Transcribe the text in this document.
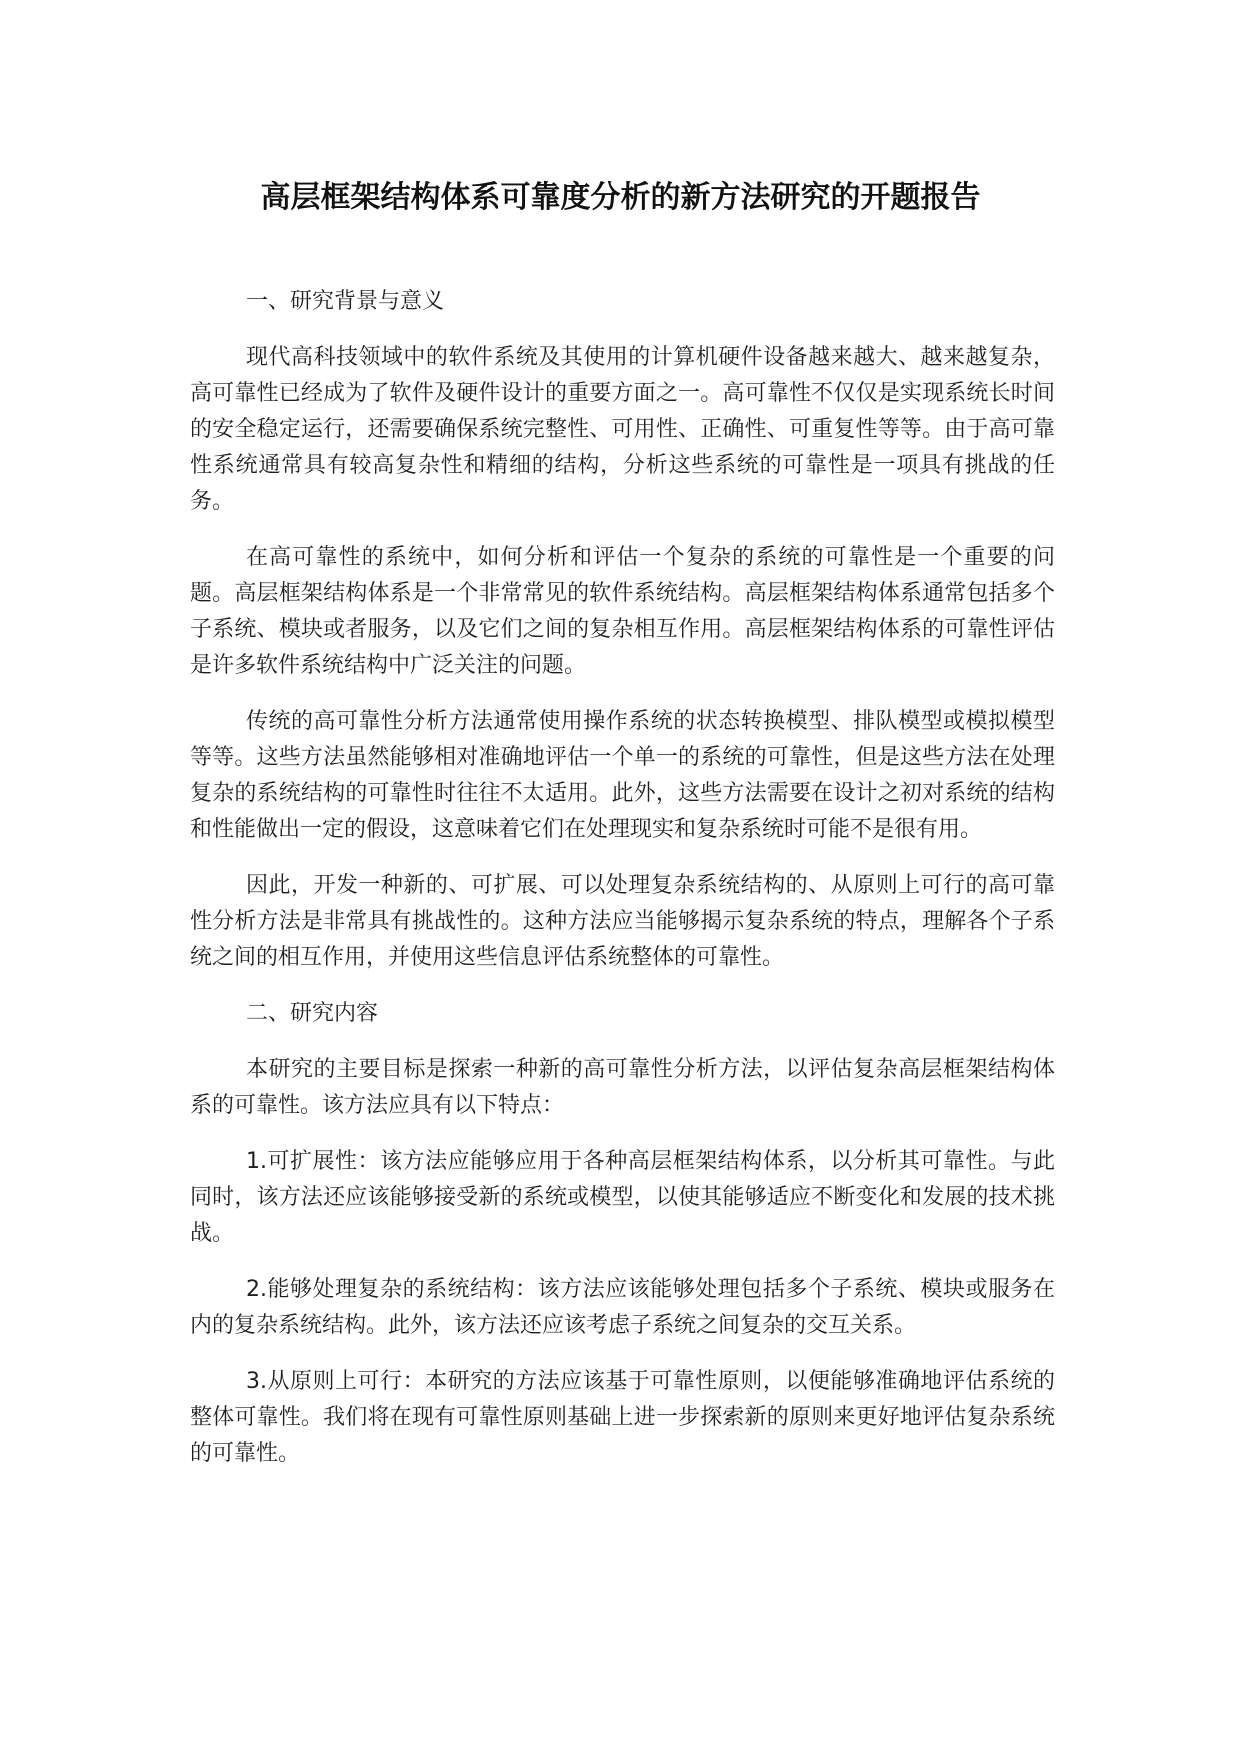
高层框架结构体系可靠度分析的新方法研究的开题报告
一、研究背景与意义

现代高科技领域中的软件系统及其使用的计算机硬件设备越来越大、越来越复杂，高可靠性已经成为了软件及硬件设计的重要方面之一。高可靠性不仅仅是实现系统长时间的安全稳定运行，还需要确保系统完整性、可用性、正确性、可重复性等等。由于高可靠性系统通常具有较高复杂性和精细的结构，分析这些系统的可靠性是一项具有挑战的任务。

在高可靠性的系统中，如何分析和评估一个复杂的系统的可靠性是一个重要的问题。高层框架结构体系是一个非常常见的软件系统结构。高层框架结构体系通常包括多个子系统、模块或者服务，以及它们之间的复杂相互作用。高层框架结构体系的可靠性评估是许多软件系统结构中广泛关注的问题。

传统的高可靠性分析方法通常使用操作系统的状态转换模型、排队模型或模拟模型等等。这些方法虽然能够相对准确地评估一个单一的系统的可靠性，但是这些方法在处理复杂的系统结构的可靠性时往往不太适用。此外，这些方法需要在设计之初对系统的结构和性能做出一定的假设，这意味着它们在处理现实和复杂系统时可能不是很有用。

因此，开发一种新的、可扩展、可以处理复杂系统结构的、从原则上可行的高可靠性分析方法是非常具有挑战性的。这种方法应当能够揭示复杂系统的特点，理解各个子系统之间的相互作用，并使用这些信息评估系统整体的可靠性。

二、研究内容

本研究的主要目标是探索一种新的高可靠性分析方法，以评估复杂高层框架结构体系的可靠性。该方法应具有以下特点：

1.可扩展性：该方法应能够应用于各种高层框架结构体系，以分析其可靠性。与此同时，该方法还应该能够接受新的系统或模型，以使其能够适应不断变化和发展的技术挑战。

2.能够处理复杂的系统结构：该方法应该能够处理包括多个子系统、模块或服务在内的复杂系统结构。此外，该方法还应该考虑子系统之间复杂的交互关系。

3.从原则上可行：本研究的方法应该基于可靠性原则，以便能够准确地评估系统的整体可靠性。我们将在现有可靠性原则基础上进一步探索新的原则来更好地评估复杂系统的可靠性。
